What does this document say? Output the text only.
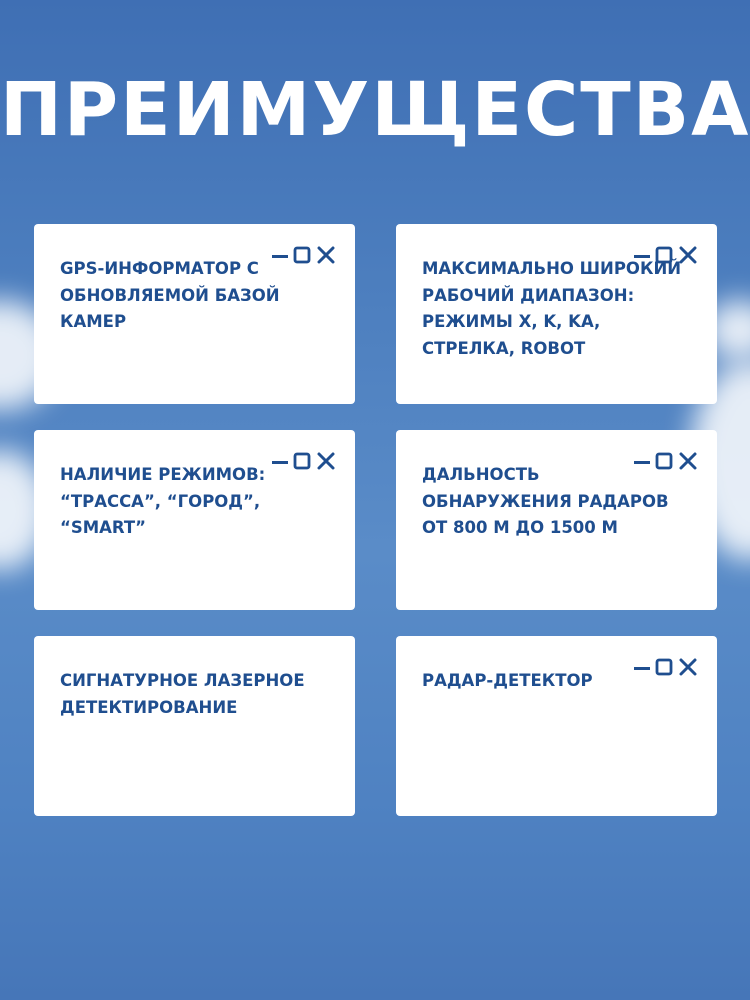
ПРЕИМУЩЕСТВА
GPS-ИНФОРМАТОР С ОБНОВЛЯЕМОЙ БАЗОЙ КАМЕР
МАКСИМАЛЬНО ШИРОКИЙ РАБОЧИЙ ДИАПАЗОН: РЕЖИМЫ X, K, KA, СТРЕЛКА, ROBOT
НАЛИЧИЕ РЕЖИМОВ: “ТРАССА”, “ГОРОД”, “SMART”
ДАЛЬНОСТЬ ОБНАРУЖЕНИЯ РАДАРОВ ОТ 800 М ДО 1500 М
СИГНАТУРНОЕ ЛАЗЕРНОЕ ДЕТЕКТИРОВАНИЕ
РАДАР-ДЕТЕКТОР
